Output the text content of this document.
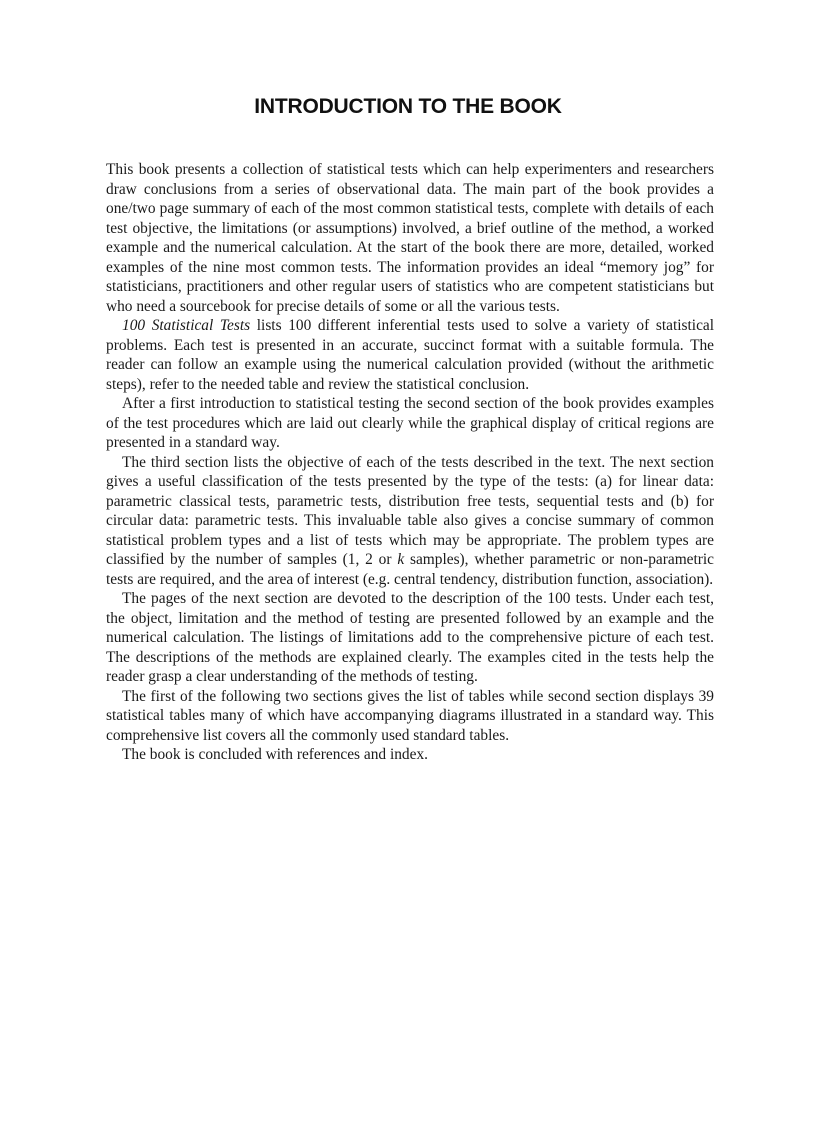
INTRODUCTION TO THE BOOK

This book presents a collection of statistical tests which can help experimenters and researchers draw conclusions from a series of observational data. The main part of the book provides a one/two page summary of each of the most common statistical tests, complete with details of each test objective, the limitations (or assumptions) involved, a brief outline of the method, a worked example and the numerical calculation. At the start of the book there are more, detailed, worked examples of the nine most common tests. The information provides an ideal “memory jog” for statisticians, practitioners and other regular users of statistics who are competent statisticians but who need a sourcebook for precise details of some or all the various tests.

100 Statistical Tests lists 100 different inferential tests used to solve a variety of statistical problems. Each test is presented in an accurate, succinct format with a suitable formula. The reader can follow an example using the numerical calculation provided (without the arithmetic steps), refer to the needed table and review the statistical conclusion.

After a first introduction to statistical testing the second section of the book provides examples of the test procedures which are laid out clearly while the graphical display of critical regions are presented in a standard way.

The third section lists the objective of each of the tests described in the text. The next section gives a useful classification of the tests presented by the type of the tests: (a) for linear data: parametric classical tests, parametric tests, distribution free tests, sequential tests and (b) for circular data: parametric tests. This invaluable table also gives a concise summary of common statistical problem types and a list of tests which may be appropriate. The problem types are classified by the number of samples (1, 2 or k samples), whether parametric or non-parametric tests are required, and the area of interest (e.g. central tendency, distribution function, association).

The pages of the next section are devoted to the description of the 100 tests. Under each test, the object, limitation and the method of testing are presented followed by an example and the numerical calculation. The listings of limitations add to the comprehensive picture of each test. The descriptions of the methods are explained clearly. The examples cited in the tests help the reader grasp a clear understanding of the methods of testing.

The first of the following two sections gives the list of tables while second section displays 39 statistical tables many of which have accompanying diagrams illustrated in a standard way. This comprehensive list covers all the commonly used standard tables.

The book is concluded with references and index.
